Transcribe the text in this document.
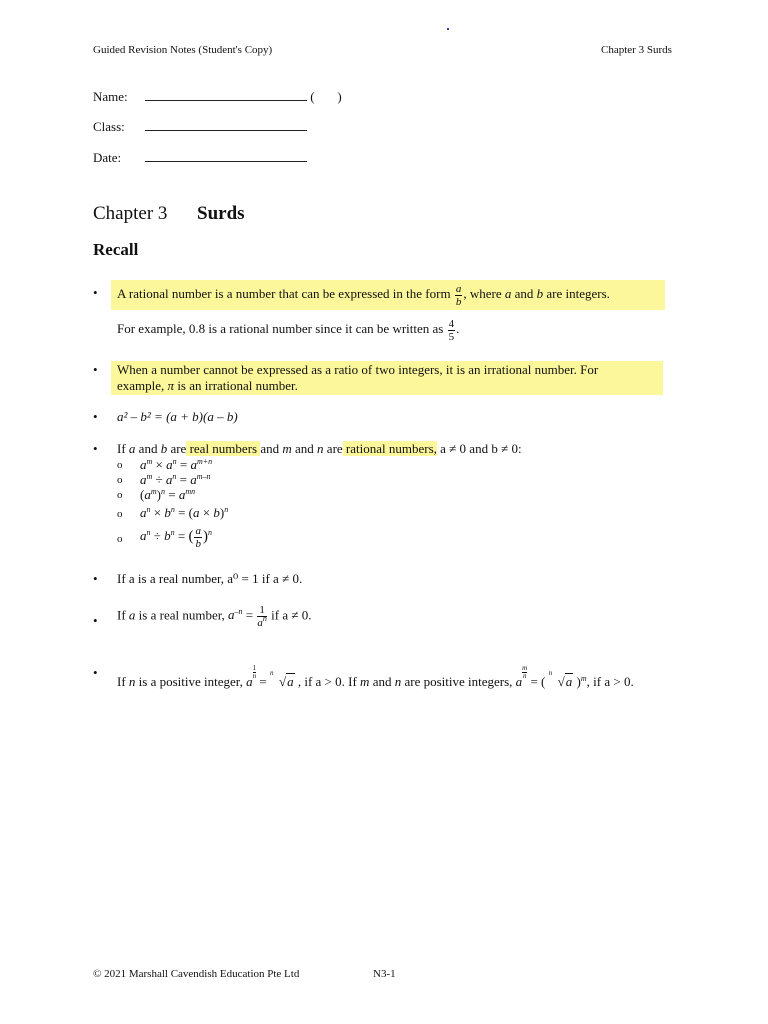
Guided Revision Notes (Student's Copy)	Chapter 3 Surds
Name:	(       )
Class:
Date:
Chapter 3 Surds
Recall
• A rational number is a number that can be expressed in the form $\frac{a}{b}$ , where a and b are integers.
For example, 0.8 is a rational number since it can be written as $\frac{4}{5}$ .
• When a number cannot be expressed as a ratio of two integers, it is an irrational number. For
example, π is an irrational number.
• a² – b² = (a + b)(a – b)
• If a and b are real numbers and m and n are rational numbers, a ≠ 0 and b ≠ 0:
o $a^m \times a^n = a^{m+n}$
o $a^m \div a^n = a^{m-n}$
o $(a^m)^n = a^{mn}$
o $a^n \times b^n = (a \times b)^n$
o $a^n \div b^n$ = ( $\frac{a}{b} )^n$
• If a is a real number, a⁰ = 1 if a ≠ 0.
• If a is a real number, $a^{-n} = \frac{1}{a^n}$ if a ≠ 0.
•
If n is a positive integer, a
$\frac{1}{n}$
=
n
√a , if a > 0. If m and n are positive integers, a
$\frac{m}{n}$
= (
n
√a )$^m$, if a > 0.
© 2021 Marshall Cavendish Education Pte Ltd	N3-1
